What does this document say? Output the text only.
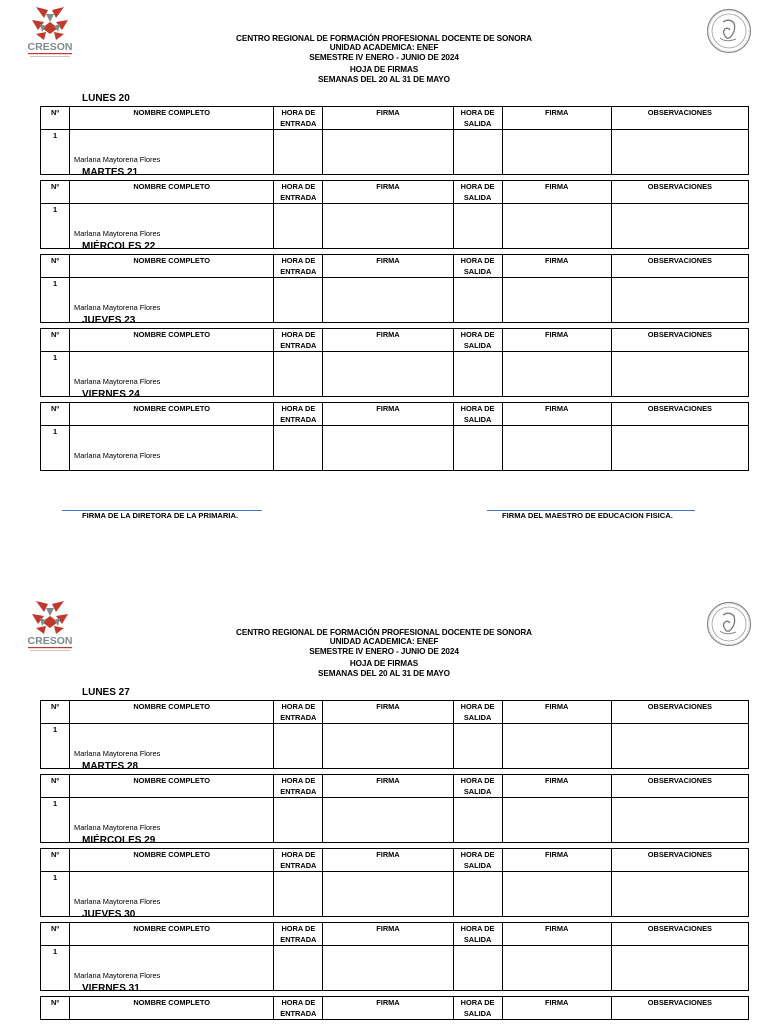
CRESON
CENTRO REGIONAL DE FORMACIÓN PROFESIONAL DOCENTE DE SONORA
UNIDAD ACADEMICA: ENEF
SEMESTRE IV ENERO - JUNIO DE 2024
HOJA DE FIRMAS
SEMANAS DEL 20 AL 31 DE MAYO
LUNES 20
Nº	NOMBRE COMPLETO	HORA DE ENTRADA	FIRMA	HORA DE SALIDA	FIRMA	OBSERVACIONES
1	Marlana Maytorena Flores					
MARTES 21
Nº	NOMBRE COMPLETO	HORA DE ENTRADA	FIRMA	HORA DE SALIDA	FIRMA	OBSERVACIONES
1	Marlana Maytorena Flores					
MIÉRCOLES 22
Nº	NOMBRE COMPLETO	HORA DE ENTRADA	FIRMA	HORA DE SALIDA	FIRMA	OBSERVACIONES
1	Marlana Maytorena Flores					
JUEVES 23
Nº	NOMBRE COMPLETO	HORA DE ENTRADA	FIRMA	HORA DE SALIDA	FIRMA	OBSERVACIONES
1	Marlana Maytorena Flores					
VIERNES 24
Nº	NOMBRE COMPLETO	HORA DE ENTRADA	FIRMA	HORA DE SALIDA	FIRMA	OBSERVACIONES
1	Marlana Maytorena Flores					
FIRMA DE LA DIRETORA DE LA PRIMARIA.	FIRMA DEL MAESTRO DE EDUCACION FISICA.
CRESON
CENTRO REGIONAL DE FORMACIÓN PROFESIONAL DOCENTE DE SONORA
UNIDAD ACADEMICA: ENEF
SEMESTRE IV ENERO - JUNIO DE 2024
HOJA DE FIRMAS
SEMANAS DEL 20 AL 31 DE MAYO
LUNES 27
Nº	NOMBRE COMPLETO	HORA DE ENTRADA	FIRMA	HORA DE SALIDA	FIRMA	OBSERVACIONES
1	Marlana Maytorena Flores					
MARTES 28
Nº	NOMBRE COMPLETO	HORA DE ENTRADA	FIRMA	HORA DE SALIDA	FIRMA	OBSERVACIONES
1	Marlana Maytorena Flores					
MIÉRCOLES 29
Nº	NOMBRE COMPLETO	HORA DE ENTRADA	FIRMA	HORA DE SALIDA	FIRMA	OBSERVACIONES
1	Marlana Maytorena Flores					
JUEVES 30
Nº	NOMBRE COMPLETO	HORA DE ENTRADA	FIRMA	HORA DE SALIDA	FIRMA	OBSERVACIONES
1	Marlana Maytorena Flores					
VIERNES 31
Nº	NOMBRE COMPLETO	HORA DE ENTRADA	FIRMA	HORA DE SALIDA	FIRMA	OBSERVACIONES
